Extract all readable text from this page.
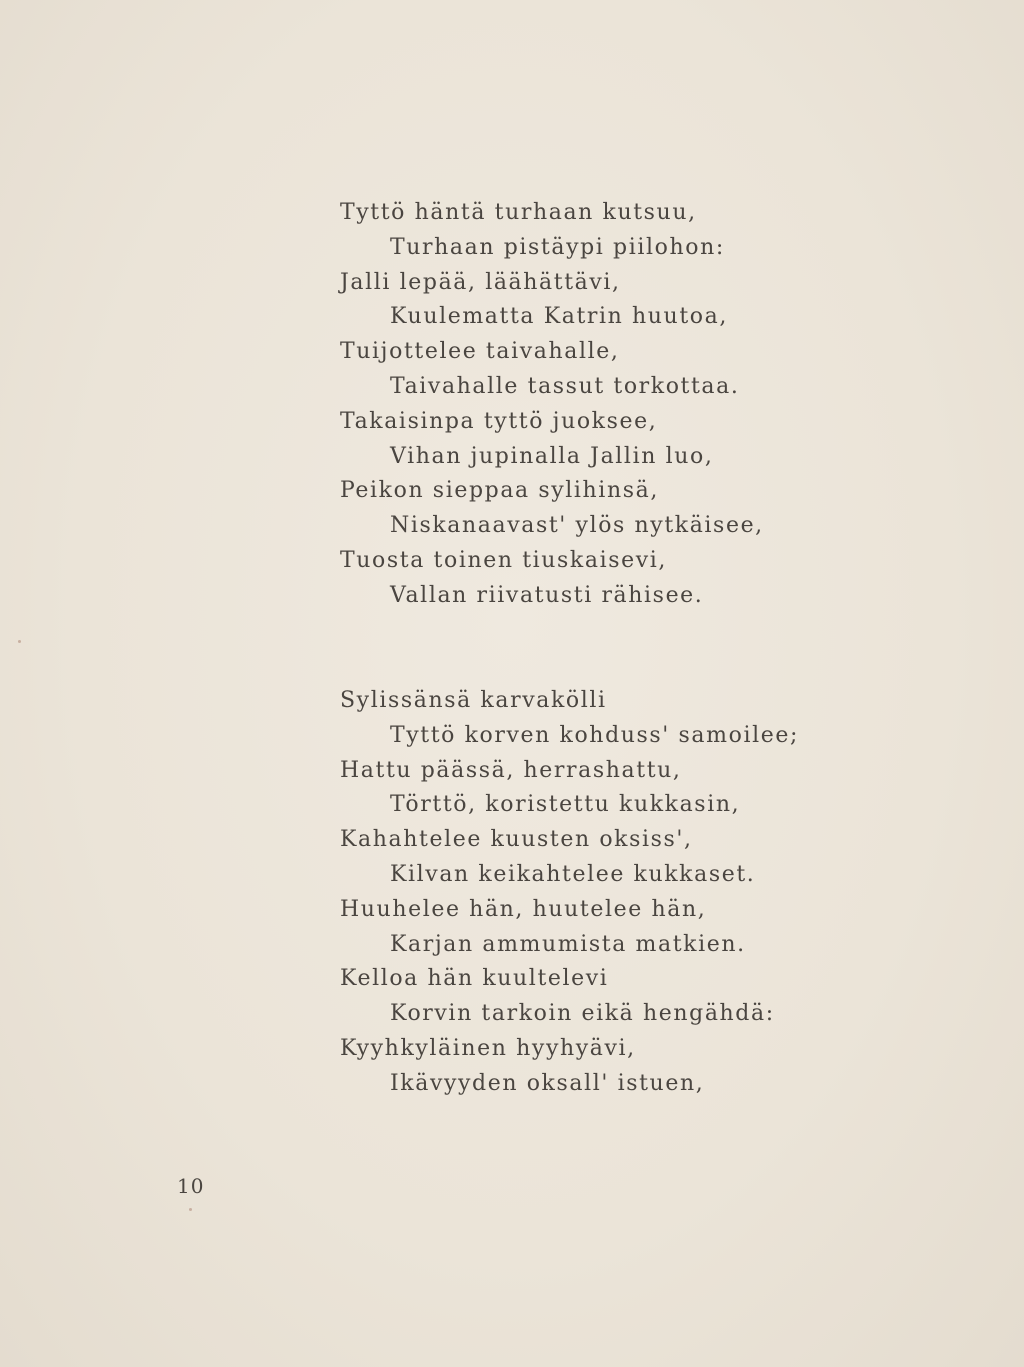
Tyttö häntä turhaan kutsuu,
Turhaan pistäypi piilohon:
Jalli lepää, läähättävi,
Kuulematta Katrin huutoa,
Tuijottelee taivahalle,
Taivahalle tassut torkottaa.
Takaisinpa tyttö juoksee,
Vihan jupinalla Jallin luo,
Peikon sieppaa sylihinsä,
Niskanaavast' ylös nytkäisee,
Tuosta toinen tiuskaisevi,
Vallan riivatusti rähisee.
Sylissänsä karvakölli
Tyttö korven kohduss' samoilee;
Hattu päässä, herrashattu,
Törttö, koristettu kukkasin,
Kahahtelee kuusten oksiss',
Kilvan keikahtelee kukkaset.
Huuhelee hän, huutelee hän,
Karjan ammumista matkien.
Kelloa hän kuultelevi
Korvin tarkoin eikä hengähdä:
Kyyhkyläinen hyyhyävi,
Ikävyyden oksall' istuen,
10
